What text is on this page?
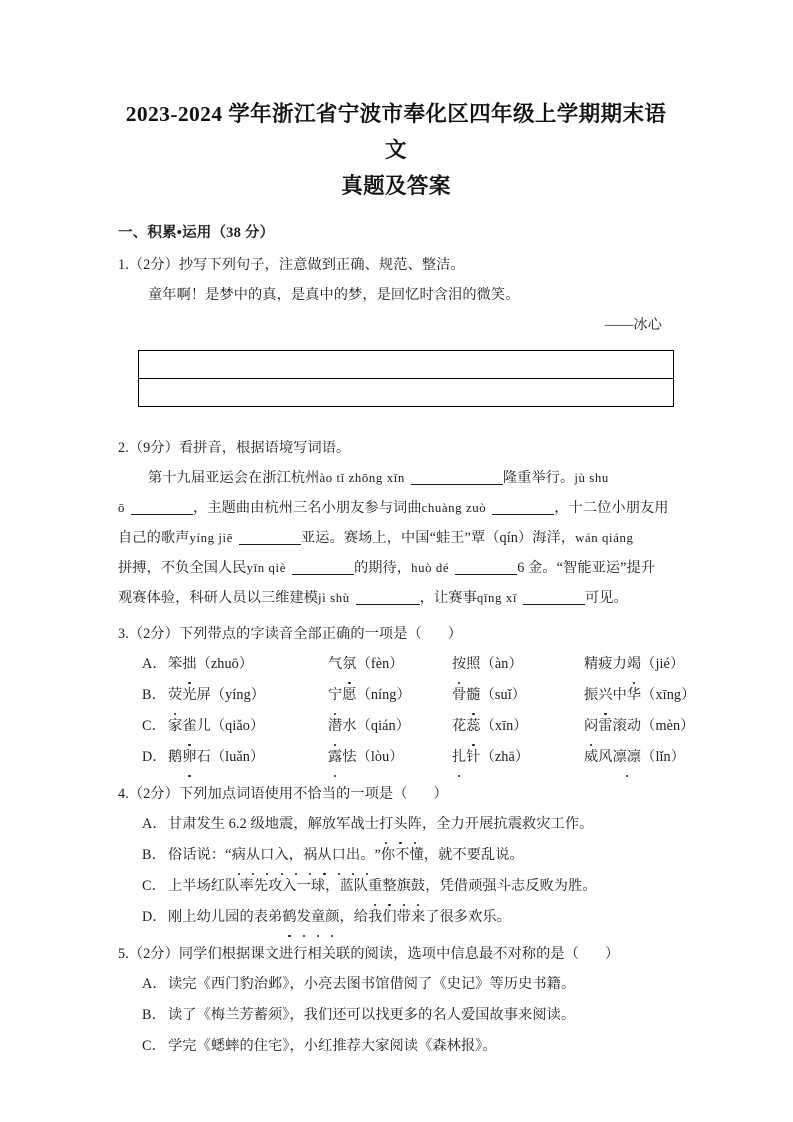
2023-2024 学年浙江省宁波市奉化区四年级上学期期末语文
真题及答案
一、积累•运用（38 分）
1.（2分）抄写下列句子，注意做到正确、规范、整洁。
童年啊！是梦中的真，是真中的梦，是回忆时含泪的微笑。
——冰心
2.（9分）看拼音，根据语境写词语。
第十九届亚运会在浙江杭州ào tǐ zhōng xīn	隆重举行。jù shu
ō	，主题曲由杭州三名小朋友参与词曲chuàng zuò	，十二位小朋友用
自己的歌声yíng jiē	亚运。赛场上，中国“蛙王”覃（qín）海洋，wán qiáng
拼搏，不负全国人民yīn qiè	的期待，huò dé	6 金。“智能亚运”提升
观赛体验，科研人员以三维建模jì shù	，让赛事qīng xī	可见。
3.（2分）下列带点的字读音全部正确的一项是（ ）
A． 笨拙（zhuō）	气氛（fèn）	按照（àn）	精疲力竭（jié）
B． 荧光屏（yíng）	宁愿（níng）	骨髓（suǐ）	振兴中华（xīng）
C． 家雀儿（qiǎo）	潜水（qián）	花蕊（xīn）	闷雷滚动（mèn）
D． 鹅卵石（luǎn）	露怯（lòu）	扎针（zhā）	威风凛凛（lǐn）
4.（2分）下列加点词语使用不恰当的一项是（ ）
A．甘肃发生 6.2 级地震，解放军战士打头阵，全力开展抗震救灾工作。
B． 俗话说：“病从口入，祸从口出。”你不懂，就不要乱说。
C． 上半场红队率先攻入一球，蓝队重整旗鼓，凭借顽强斗志反败为胜。
D．刚上幼儿园的表弟鹤发童颜，给我们带来了很多欢乐。
5.（2分）同学们根据课文进行相关联的阅读，选项中信息最不对称的是（ ）
A．读完《西门豹治邺》，小亮去图书馆借阅了《史记》等历史书籍。
B． 读了《梅兰芳蓄须》，我们还可以找更多的名人爱国故事来阅读。
C． 学完《蟋蟀的住宅》，小红推荐大家阅读《森林报》。
